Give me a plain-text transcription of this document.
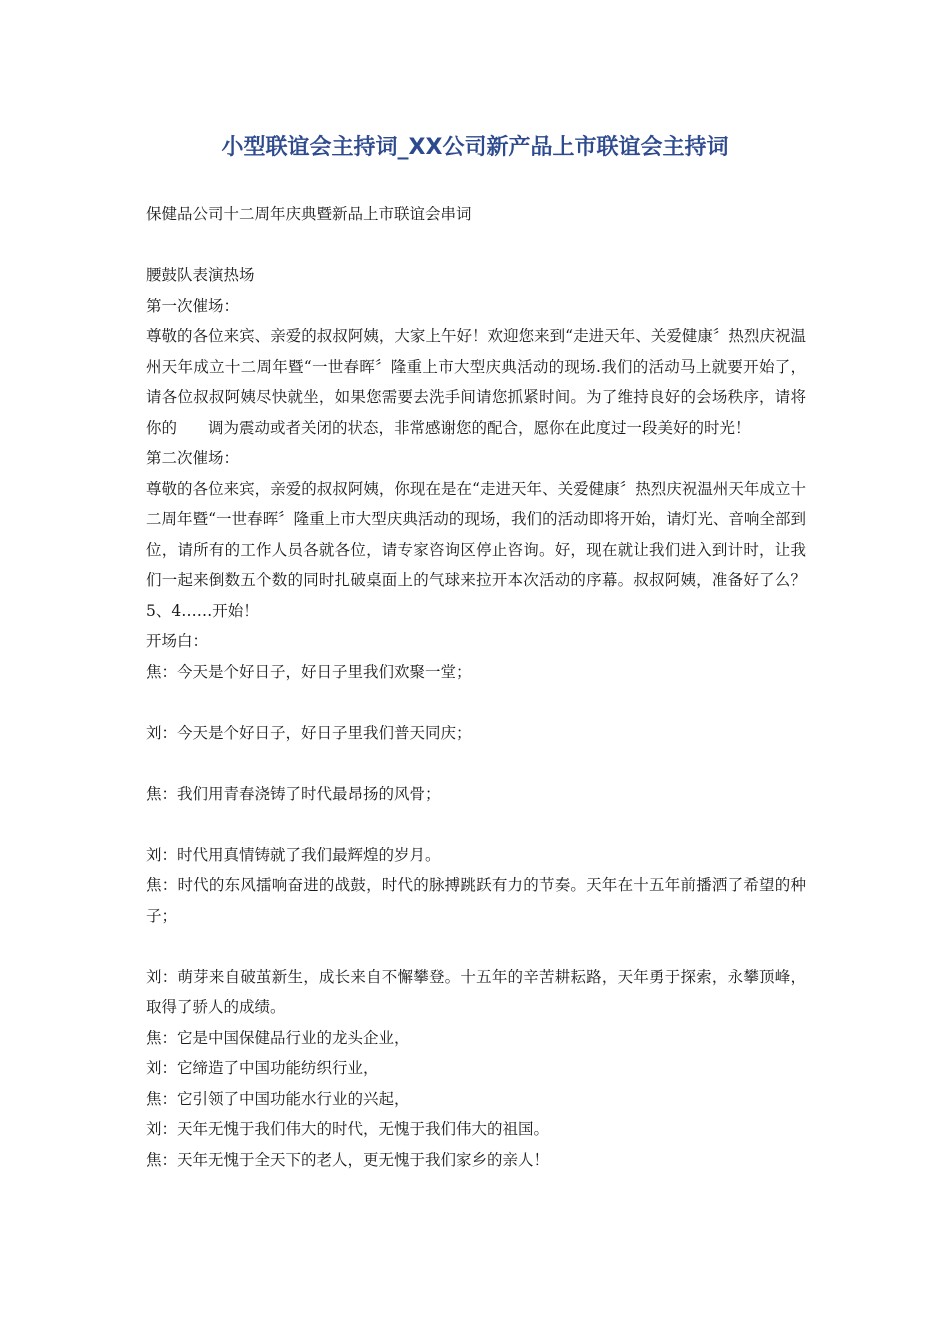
小型联谊会主持词_XX公司新产品上市联谊会主持词

保健品公司十二周年庆典暨新品上市联谊会串词

腰鼓队表演热场

第一次催场：

尊敬的各位来宾、亲爱的叔叔阿姨，大家上午好！欢迎您来到“走进天年、关爱健康〞热烈庆祝温州天年成立十二周年暨“一世春晖〞隆重上市大型庆典活动的现场.我们的活动马上就要开始了，请各位叔叔阿姨尽快就坐，如果您需要去洗手间请您抓紧时间。为了维持良好的会场秩序，请将你的　　调为震动或者关闭的状态，非常感谢您的配合，愿你在此度过一段美好的时光！

第二次催场：

尊敬的各位来宾，亲爱的叔叔阿姨，你现在是在“走进天年、关爱健康〞热烈庆祝温州天年成立十二周年暨“一世春晖〞隆重上市大型庆典活动的现场，我们的活动即将开始，请灯光、音响全部到位，请所有的工作人员各就各位，请专家咨询区停止咨询。好，现在就让我们进入到计时，让我们一起来倒数五个数的同时扎破桌面上的气球来拉开本次活动的序幕。叔叔阿姨，准备好了么？5、4……开始！

开场白：

焦：今天是个好日子，好日子里我们欢聚一堂；

刘：今天是个好日子，好日子里我们普天同庆；

焦：我们用青春浇铸了时代最昂扬的风骨；

刘：时代用真情铸就了我们最辉煌的岁月。

焦：时代的东风擂响奋进的战鼓，时代的脉搏跳跃有力的节奏。天年在十五年前播洒了希望的种子；

刘：萌芽来自破茧新生，成长来自不懈攀登。十五年的辛苦耕耘路，天年勇于探索，永攀顶峰，取得了骄人的成绩。

焦：它是中国保健品行业的龙头企业，

刘：它缔造了中国功能纺织行业，

焦：它引领了中国功能水行业的兴起，

刘：天年无愧于我们伟大的时代，无愧于我们伟大的祖国。

焦：天年无愧于全天下的老人，更无愧于我们家乡的亲人！
